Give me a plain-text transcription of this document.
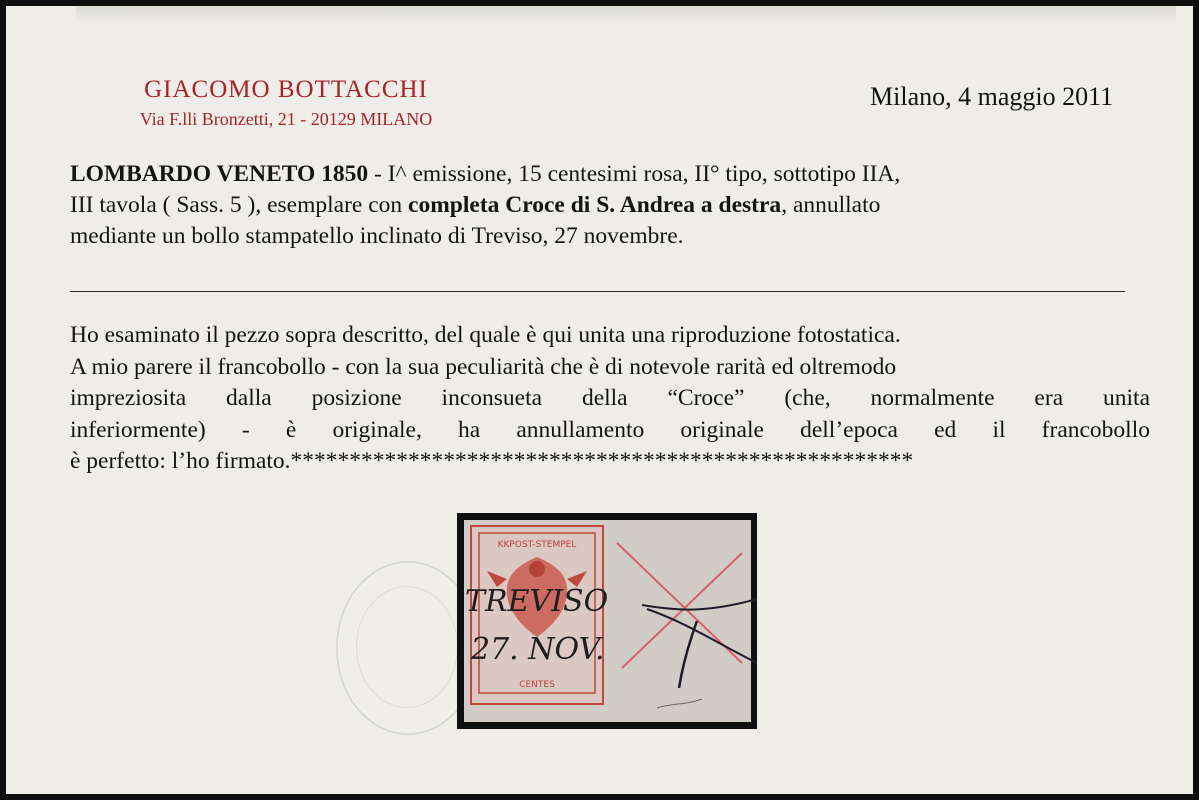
GIACOMO BOTTACCHI
Via F.lli Bronzetti, 21 - 20129 MILANO
Milano, 4 maggio 2011
LOMBARDO VENETO 1850 - I^ emissione, 15 centesimi rosa, II° tipo, sottotipo IIA,
III tavola ( Sass. 5 ), esemplare con completa Croce di S. Andrea a destra, annullato
mediante un bollo stampatello inclinato di Treviso, 27 novembre.
Ho esaminato il pezzo sopra descritto, del quale è qui unita una riproduzione fotostatica.
A mio parere il francobollo - con la sua peculiarità che è di notevole rarità ed oltremodo
impreziosita dalla posizione inconsueta della “Croce” (che, normalmente era unita
inferiormente) - è originale, ha annullamento originale dell’epoca ed il francobollo
è perfetto: l’ho firmato.*****************************************************
KKPOST-STEMPEL
CENTES
TREVISO
27. NOV.
